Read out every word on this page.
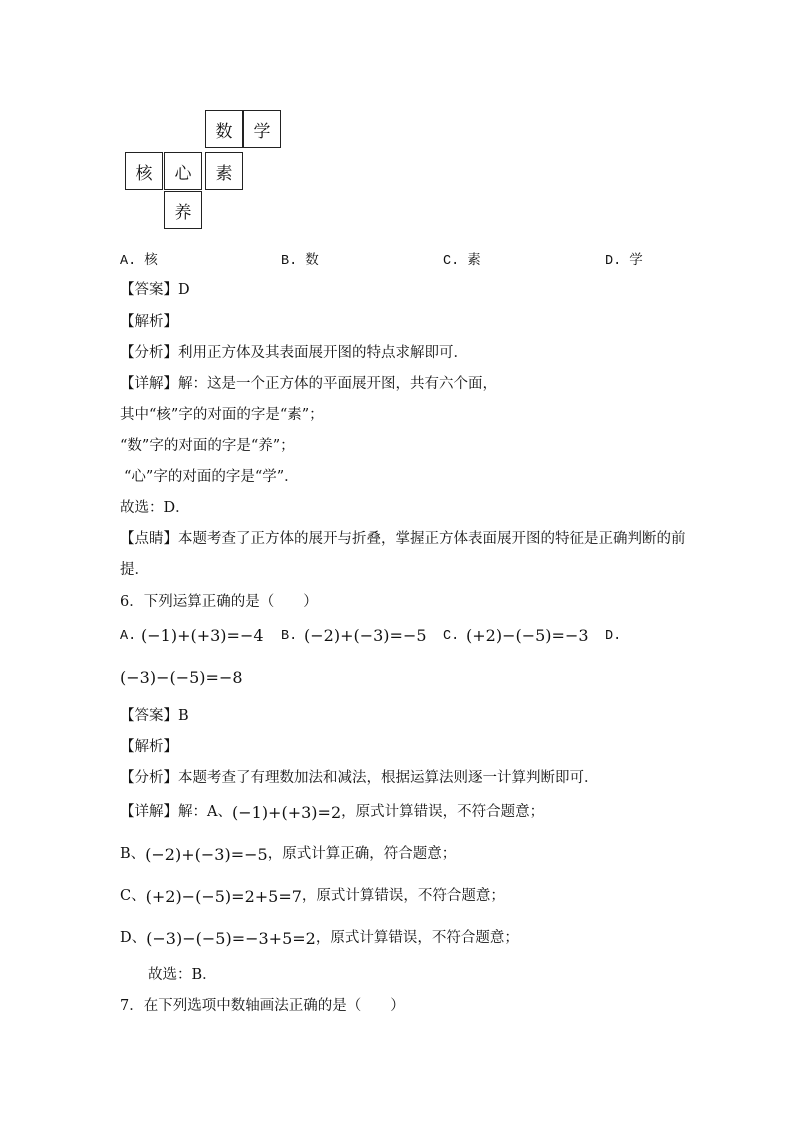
数	学
核	心	素
养
A. 核	B. 数	C. 素	D. 学
【答案】D
【解析】
【分析】利用正方体及其表面展开图的特点求解即可．
【详解】解：这是一个正方体的平面展开图，共有六个面，
其中“核”字的对面的字是“素”；
“数”字的对面的字是“养”；
“心”字的对面的字是“学”．
故选：D．
【点睛】本题考查了正方体的展开与折叠，掌握正方体表面展开图的特征是正确判断的前
提．
6．下列运算正确的是（　　）
A. (−1)+(+3)=−4 B. (−2)+(−3)=−5 C. (+2)−(−5)=−3 D.
(−3)−(−5)=−8
【答案】B
【解析】
【分析】本题考查了有理数加法和减法，根据运算法则逐一计算判断即可．
【详解】解：A、 (−1)+(+3)=2 ，原式计算错误，不符合题意；
B、 (−2)+(−3)=−5 ，原式计算正确，符合题意；
C、 (+2)−(−5)=2+5=7 ，原式计算错误，不符合题意；
D、 (−3)−(−5)=−3+5=2 ，原式计算错误，不符合题意；
故选：B．
7．在下列选项中数轴画法正确的是（　　）
